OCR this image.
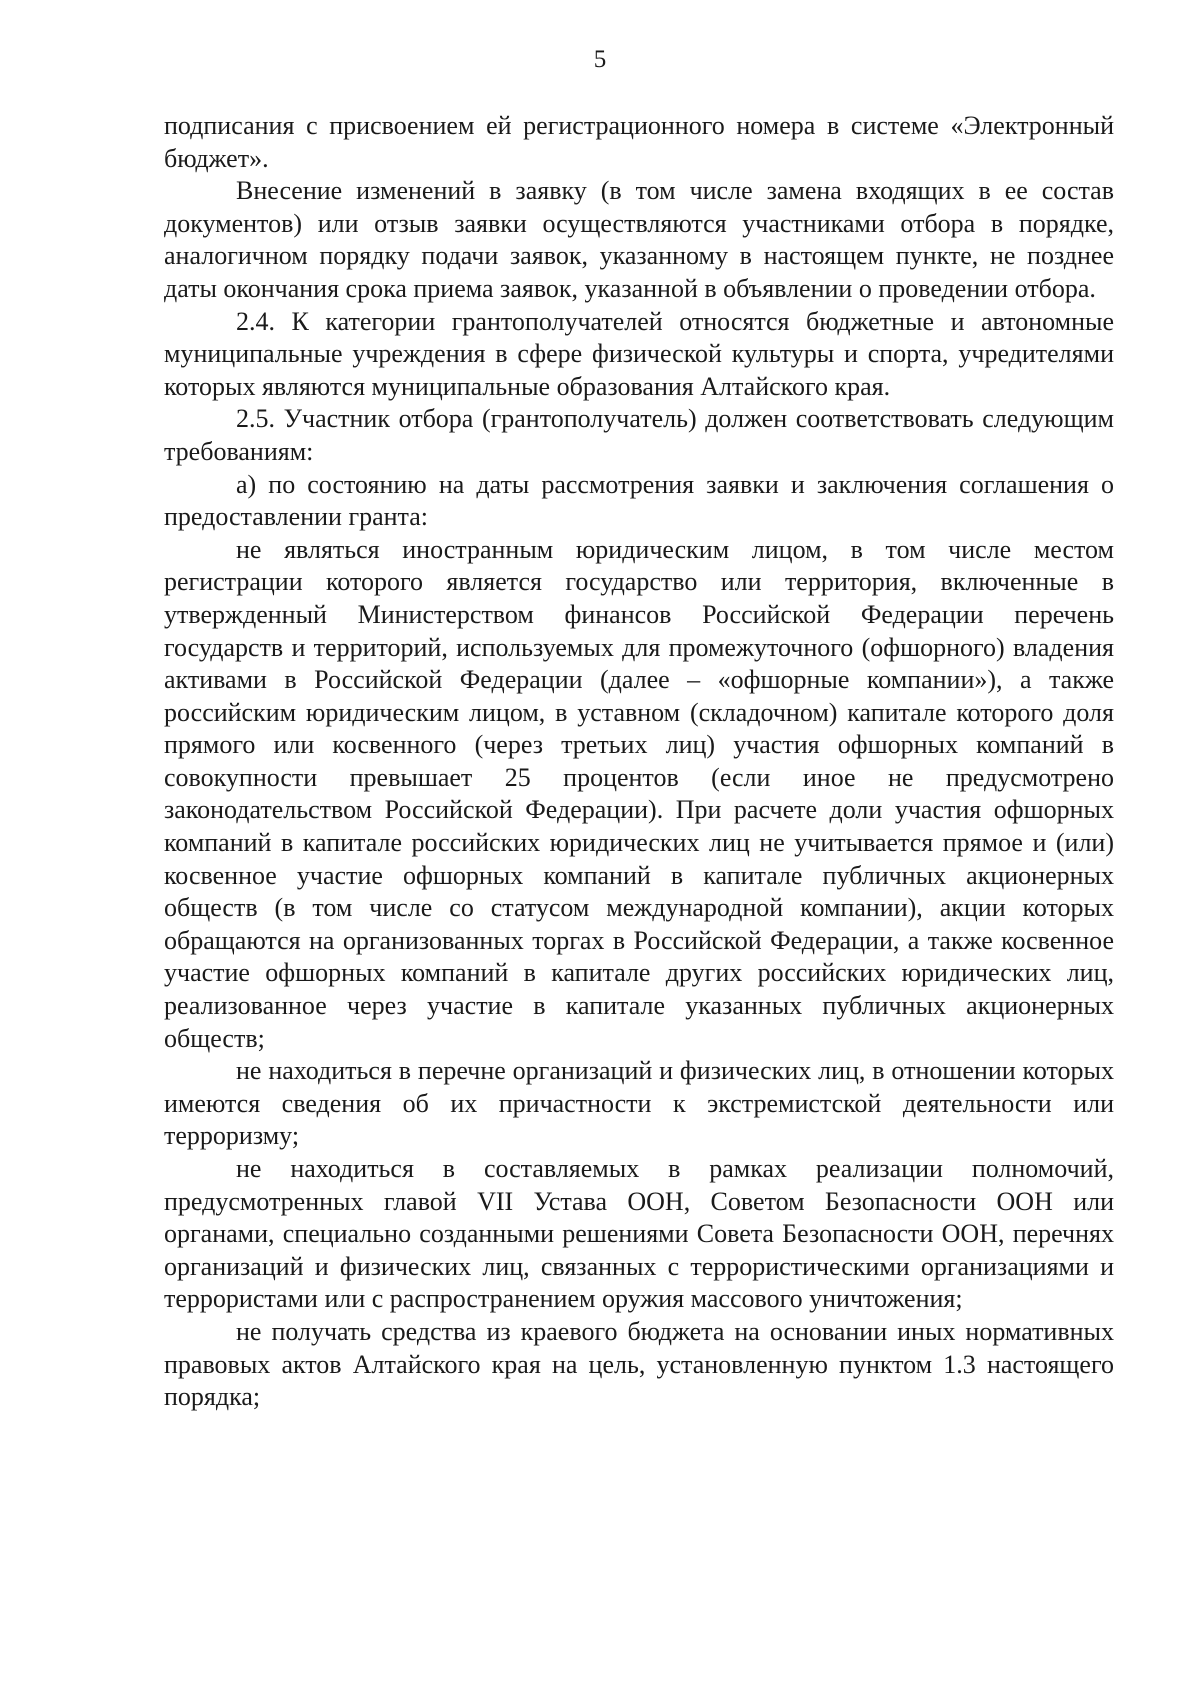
5

подписания с присвоением ей регистрационного номера в системе «Электронный бюджет».

Внесение изменений в заявку (в том числе замена входящих в ее состав документов) или отзыв заявки осуществляются участниками отбора в порядке, аналогичном порядку подачи заявок, указанному в настоящем пункте, не позднее даты окончания срока приема заявок, указанной в объявлении о проведении отбора.

2.4. К категории грантополучателей относятся бюджетные и автономные муниципальные учреждения в сфере физической культуры и спорта, учредителями которых являются муниципальные образования Алтайского края.

2.5. Участник отбора (грантополучатель) должен соответствовать следующим требованиям:

а) по состоянию на даты рассмотрения заявки и заключения соглашения о предоставлении гранта:

не являться иностранным юридическим лицом, в том числе местом регистрации которого является государство или территория, включенные в утвержденный Министерством финансов Российской Федерации перечень государств и территорий, используемых для промежуточного (офшорного) владения активами в Российской Федерации (далее – «офшорные компании»), а также российским юридическим лицом, в уставном (складочном) капитале которого доля прямого или косвенного (через третьих лиц) участия офшорных компаний в совокупности превышает 25 процентов (если иное не предусмотрено законодательством Российской Федерации). При расчете доли участия офшорных компаний в капитале российских юридических лиц не учитывается прямое и (или) косвенное участие офшорных компаний в капитале публичных акционерных обществ (в том числе со статусом международной компании), акции которых обращаются на организованных торгах в Российской Федерации, а также косвенное участие офшорных компаний в капитале других российских юридических лиц, реализованное через участие в капитале указанных публичных акционерных обществ;

не находиться в перечне организаций и физических лиц, в отношении которых имеются сведения об их причастности к экстремистской деятельности или терроризму;

не находиться в составляемых в рамках реализации полномочий, предусмотренных главой VII Устава ООН, Советом Безопасности ООН или органами, специально созданными решениями Совета Безопасности ООН, перечнях организаций и физических лиц, связанных с террористическими организациями и террористами или с распространением оружия массового уничтожения;

не получать средства из краевого бюджета на основании иных нормативных правовых актов Алтайского края на цель, установленную пунктом 1.3 настоящего порядка;
